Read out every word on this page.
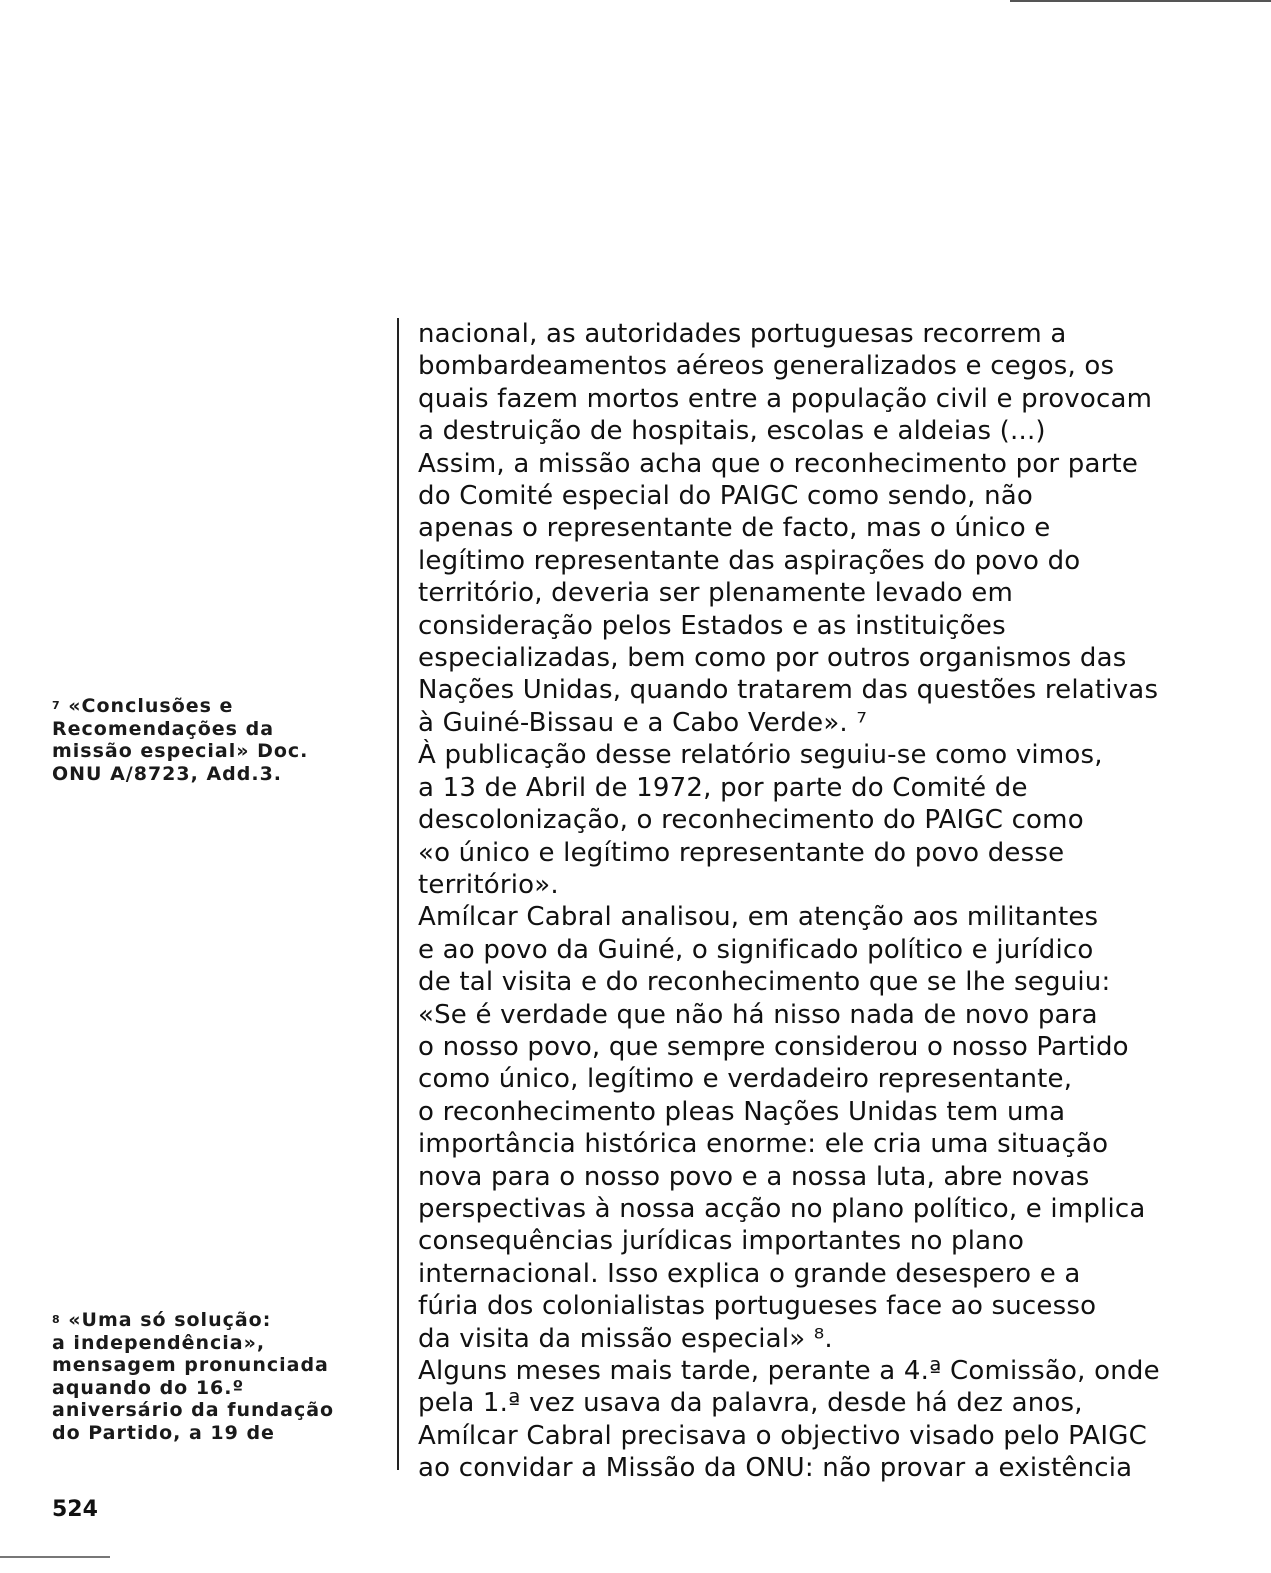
$^7$ «Conclusões e
Recomendações da
missão especial» Doc.
ONU A/8723, Add.3.
$^8$ «Uma só solução:
a independência»,
mensagem pronunciada
aquando do 16.º
aniversário da fundação
do Partido, a 19 de
nacional, as autoridades portuguesas recorrem a
bombardeamentos aéreos generalizados e cegos, os
quais fazem mortos entre a população civil e provocam
a destruição de hospitais, escolas e aldeias (...)
Assim, a missão acha que o reconhecimento por parte
do Comité especial do PAIGC como sendo, não
apenas o representante de facto, mas o único e
legítimo representante das aspirações do povo do
território, deveria ser plenamente levado em
consideração pelos Estados e as instituições
especializadas, bem como por outros organismos das
Nações Unidas, quando tratarem das questões relativas
à Guiné-Bissau e a Cabo Verde». ⁷
À publicação desse relatório seguiu-se como vimos,
a 13 de Abril de 1972, por parte do Comité de
descolonização, o reconhecimento do PAIGC como
«o único e legítimo representante do povo desse
território».
Amílcar Cabral analisou, em atenção aos militantes
e ao povo da Guiné, o significado político e jurídico
de tal visita e do reconhecimento que se lhe seguiu:
«Se é verdade que não há nisso nada de novo para
o nosso povo, que sempre considerou o nosso Partido
como único, legítimo e verdadeiro representante,
o reconhecimento pleas Nações Unidas tem uma
importância histórica enorme: ele cria uma situação
nova para o nosso povo e a nossa luta, abre novas
perspectivas à nossa acção no plano político, e implica
consequências jurídicas importantes no plano
internacional. Isso explica o grande desespero e a
fúria dos colonialistas portugueses face ao sucesso
da visita da missão especial» ⁸.
Alguns meses mais tarde, perante a 4.ª Comissão, onde
pela 1.ª vez usava da palavra, desde há dez anos,
Amílcar Cabral precisava o objectivo visado pelo PAIGC
ao convidar a Missão da ONU: não provar a existência
524
